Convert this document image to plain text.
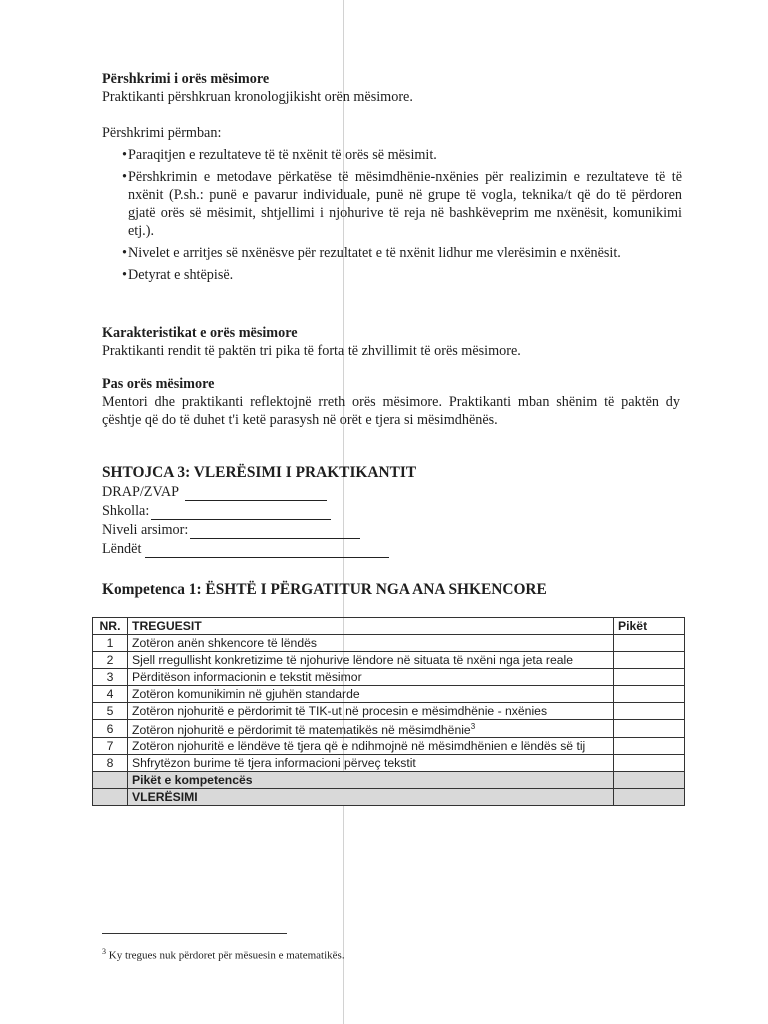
Përshkrimi i orës mësimore
Praktikanti përshkruan kronologjikisht orën mësimore.
Përshkrimi përmban:
• Paraqitjen e rezultateve të të nxënit të orës së mësimit.
• Përshkrimin e metodave përkatëse të mësimdhënie-nxënies për realizimin e rezultateve të të nxënit (P.sh.: punë e pavarur individuale, punë në grupe të vogla, teknika/t që do të përdoren gjatë orës së mësimit, shtjellimi i njohurive të reja në bashkëveprim me nxënësit, komunikimi etj.).
• Nivelet e arritjes së nxënësve për rezultatet e të nxënit lidhur me vlerësimin e nxënësit.
• Detyrat e shtëpisë.
Karakteristikat e orës mësimore
Praktikanti rendit të paktën tri pika të forta të zhvillimit të orës mësimore.
Pas orës mësimore
Mentori dhe praktikanti reflektojnë rreth orës mësimore. Praktikanti mban shënim të paktën dy çështje që do të duhet t'i ketë parasysh në orët e tjera si mësimdhënës.
SHTOJCA 3: VLERËSIMI I PRAKTIKANTIT
DRAP/ZVAP
Shkolla:
Niveli arsimor:
Lëndët
Kompetenca 1: ËSHTË I PËRGATITUR NGA ANA SHKENCORE
NR.	TREGUESIT	Pikët
1	Zotëron anën shkencore të lëndës	
2	Sjell rregullisht konkretizime të njohurive lëndore në situata të nxëni nga jeta reale	
3	Përditëson informacionin e tekstit mësimor	
4	Zotëron komunikimin në gjuhën standarde	
5	Zotëron njohuritë e përdorimit të TIK-ut në procesin e mësimdhënie - nxënies	
6	Zotëron njohuritë e përdorimit të matematikës në mësimdhënie$^3$	
7	Zotëron njohuritë e lëndëve të tjera që e ndihmojnë në mësimdhënien e lëndës së tij	
8	Shfrytëzon burime të tjera informacioni përveç tekstit	
	Pikët e kompetencës	
	VLERËSIMI	
$^3$ Ky tregues nuk përdoret për mësuesin e matematikës.
